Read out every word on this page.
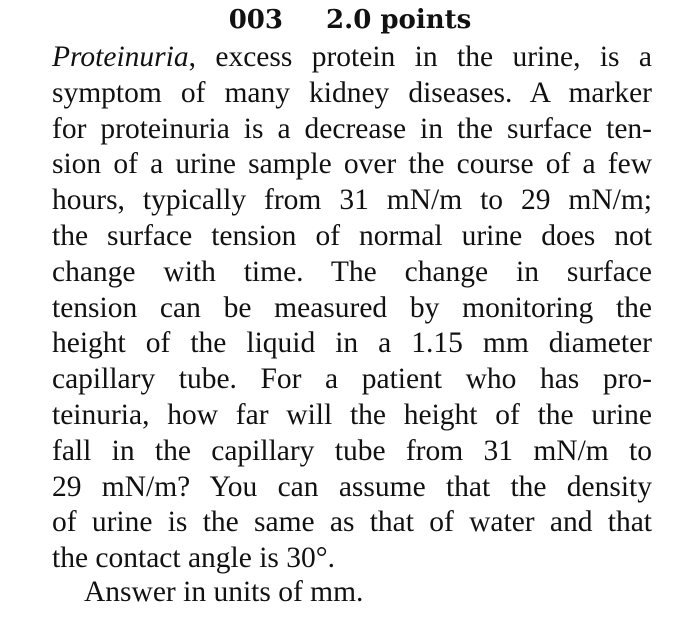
003 2.0 points
Proteinuria, excess protein in the urine, is a
symptom of many kidney diseases. A marker
for proteinuria is a decrease in the surface ten-
sion of a urine sample over the course of a few
hours, typically from 31 mN/m to 29 mN/m;
the surface tension of normal urine does not
change with time. The change in surface
tension can be measured by monitoring the
height of the liquid in a 1.15 mm diameter
capillary tube. For a patient who has pro-
teinuria, how far will the height of the urine
fall in the capillary tube from 31 mN/m to
29 mN/m? You can assume that the density
of urine is the same as that of water and that
the contact angle is 30°.
Answer in units of mm.
